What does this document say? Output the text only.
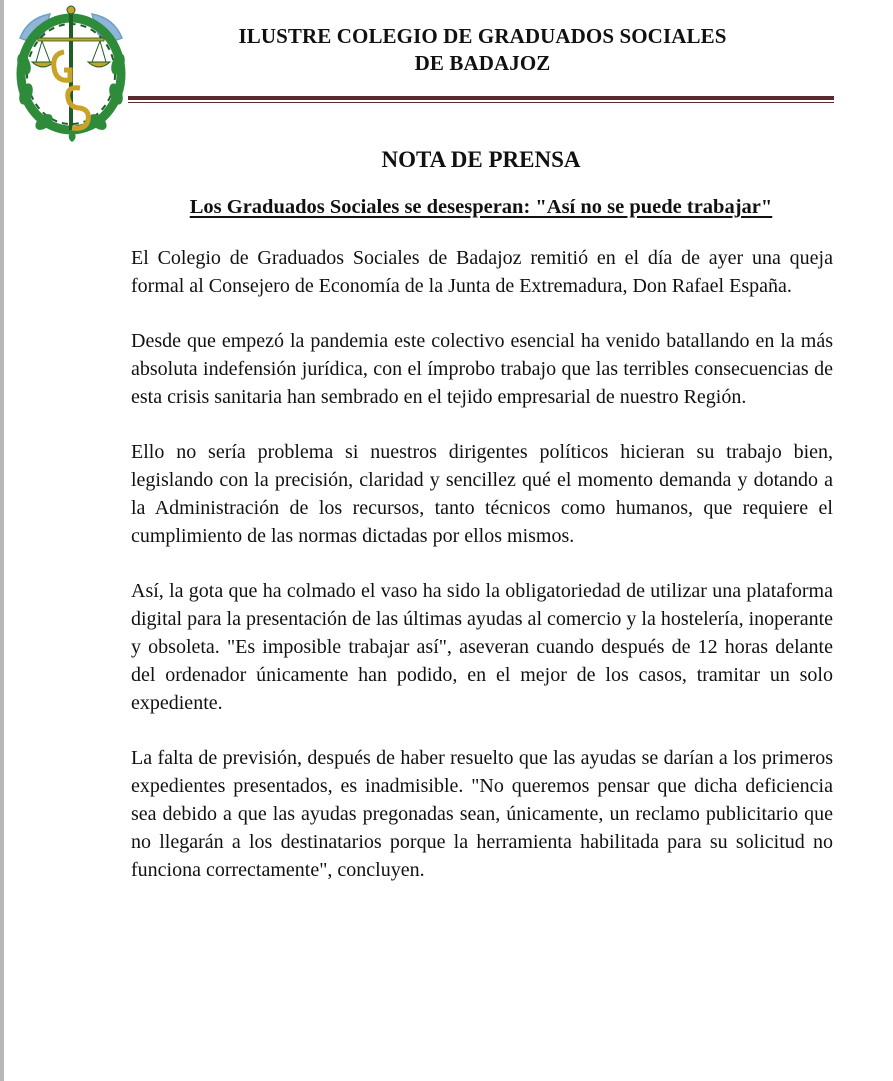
ILUSTRE COLEGIO DE GRADUADOS SOCIALES
DE BADAJOZ
NOTA DE PRENSA
Los Graduados Sociales se desesperan: "Así no se puede trabajar"

El Colegio de Graduados Sociales de Badajoz remitió en el día de ayer una queja formal al Consejero de Economía de la Junta de Extremadura, Don Rafael España.

Desde que empezó la pandemia este colectivo esencial ha venido batallando en la más absoluta indefensión jurídica, con el ímprobo trabajo que las terribles consecuencias de esta crisis sanitaria han sembrado en el tejido empresarial de nuestro Región.

Ello no sería problema si nuestros dirigentes políticos hicieran su trabajo bien, legislando con la precisión, claridad y sencillez qué el momento demanda y dotando a la Administración de los recursos, tanto técnicos como humanos, que requiere el cumplimiento de las normas dictadas por ellos mismos.

Así, la gota que ha colmado el vaso ha sido la obligatoriedad de utilizar una plataforma digital para la presentación de las últimas ayudas al comercio y la hostelería, inoperante y obsoleta. "Es imposible trabajar así", aseveran cuando después de 12 horas delante del ordenador únicamente han podido, en el mejor de los casos, tramitar un solo expediente.

La falta de previsión, después de haber resuelto que las ayudas se darían a los primeros expedientes presentados, es inadmisible. "No queremos pensar que dicha deficiencia sea debido a que las ayudas pregonadas sean, únicamente, un reclamo publicitario que no llegarán a los destinatarios porque la herramienta habilitada para su solicitud no funciona correctamente", concluyen.
